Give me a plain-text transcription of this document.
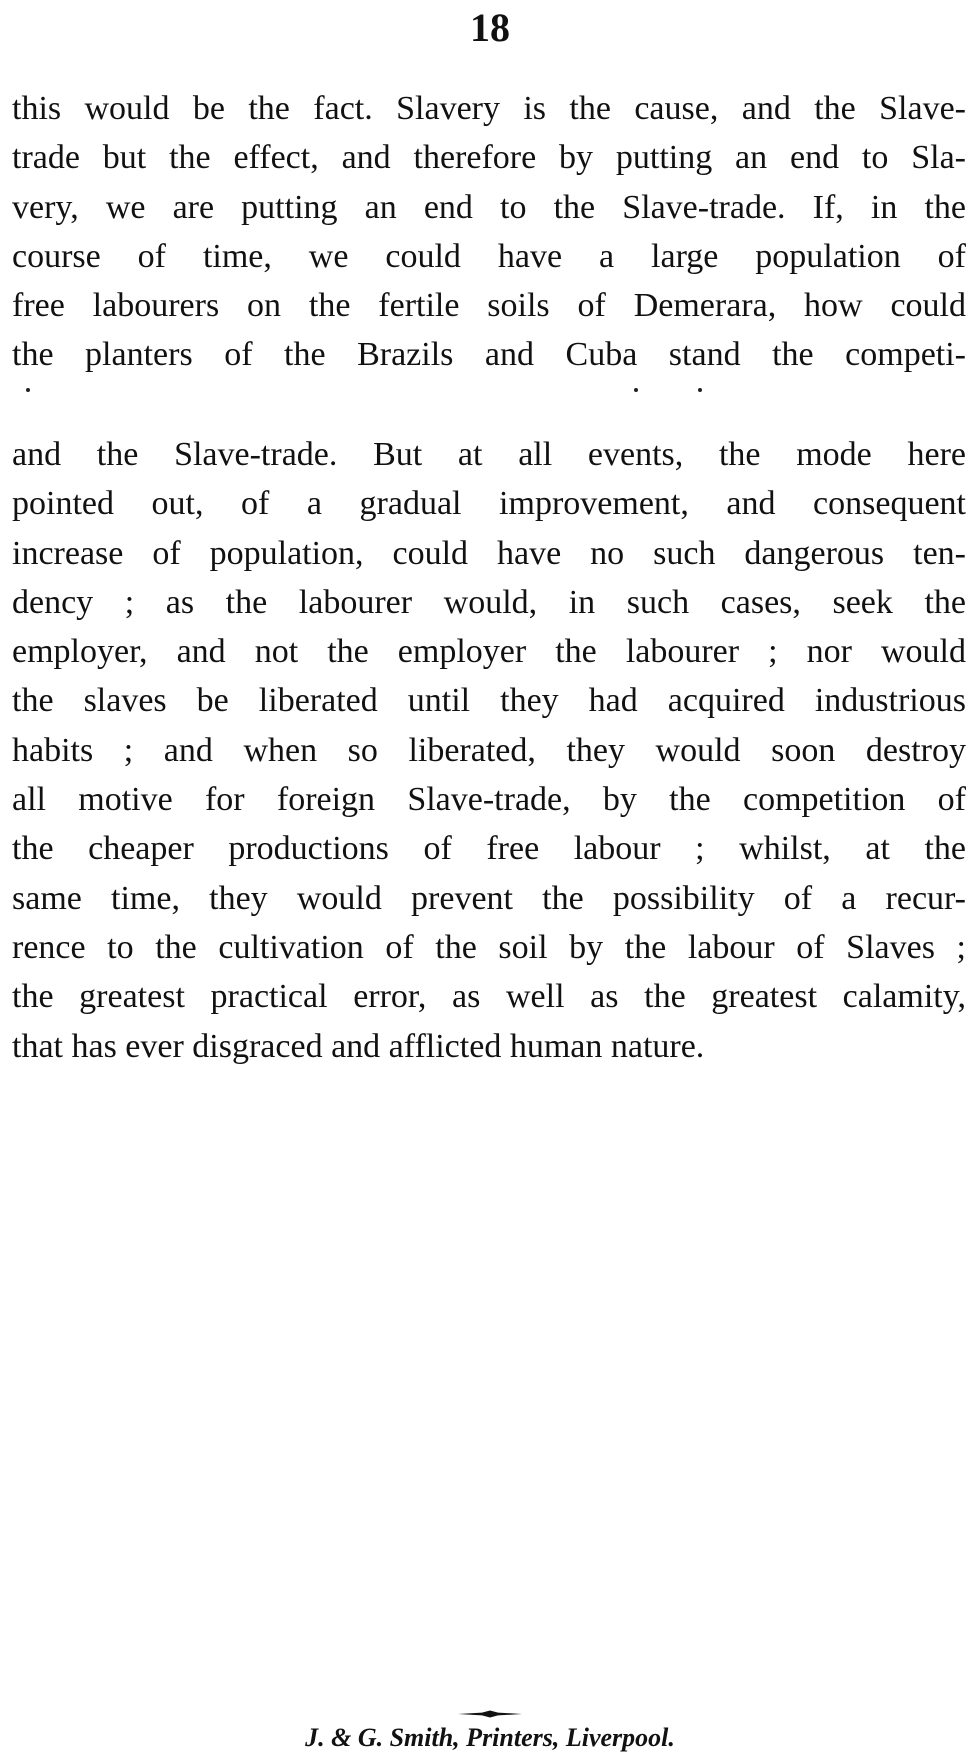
18
this would be the fact. Slavery is the cause, and the Slave-
trade but the effect, and therefore by putting an end to Sla-
very, we are putting an end to the Slave-trade. If, in the
course of time, we could have a large population of
free labourers on the fertile soils of Demerara, how could
the planters of the Brazils and Cuba stand the competi-
and the Slave-trade. But at all events, the mode here
pointed out, of a gradual improvement, and consequent
increase of population, could have no such dangerous ten-
dency ; as the labourer would, in such cases, seek the
employer, and not the employer the labourer ; nor would
the slaves be liberated until they had acquired industrious
habits ; and when so liberated, they would soon destroy
all motive for foreign Slave-trade, by the competition of
the cheaper productions of free labour ; whilst, at the
same time, they would prevent the possibility of a recur-
rence to the cultivation of the soil by the labour of Slaves ;
the greatest practical error, as well as the greatest calamity,
that has ever disgraced and afflicted human nature.
J. & G. Smith, Printers, Liverpool.
